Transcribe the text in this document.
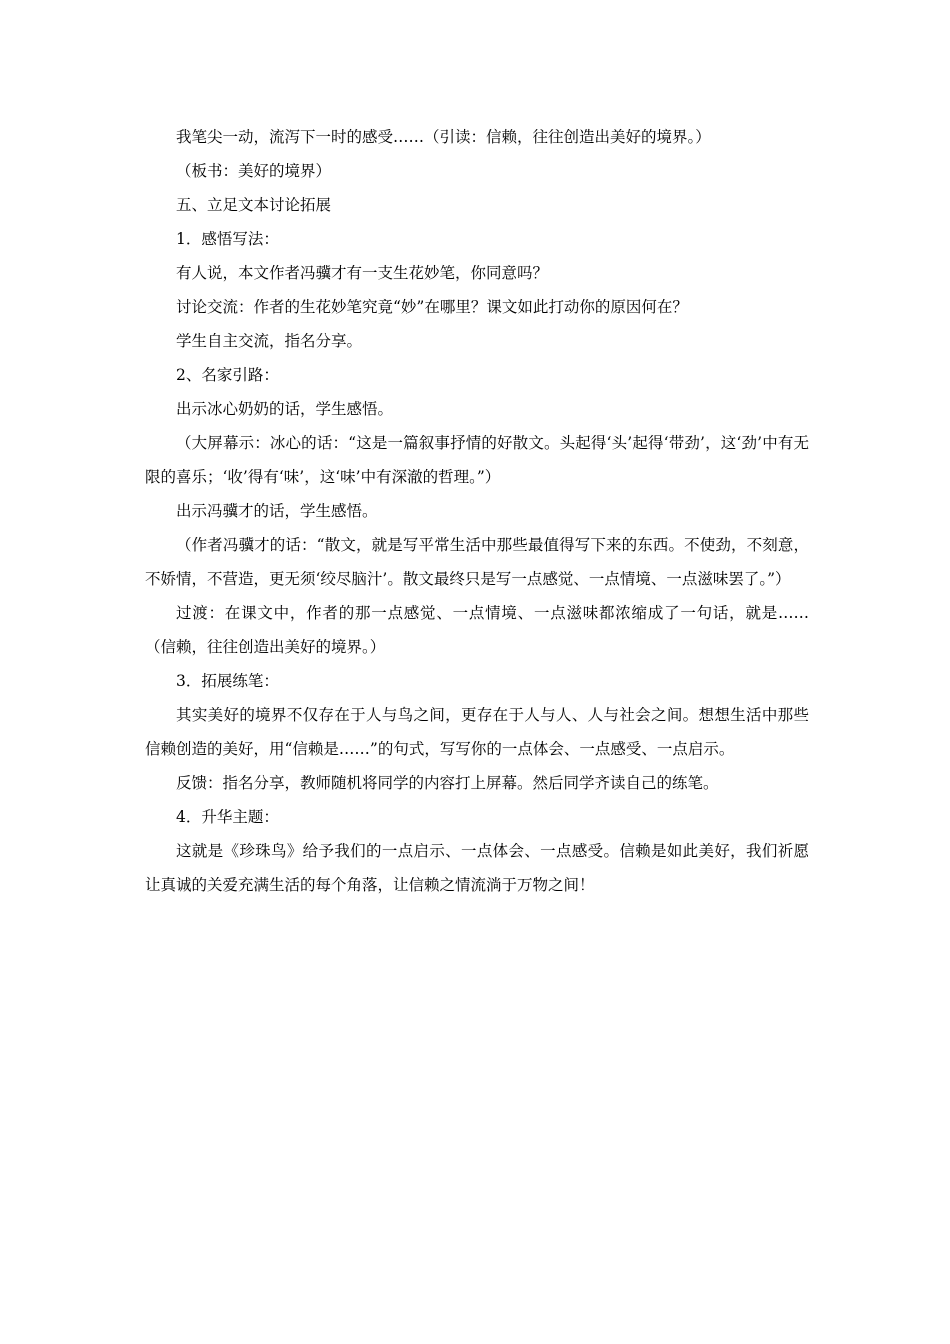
我笔尖一动，流泻下一时的感受……（引读：信赖，往往创造出美好的境界。）

（板书：美好的境界）

五、立足文本讨论拓展

1．感悟写法：

有人说，本文作者冯骥才有一支生花妙笔，你同意吗？

讨论交流：作者的生花妙笔究竟“妙”在哪里？课文如此打动你的原因何在？

学生自主交流，指名分享。

2、名家引路：

出示冰心奶奶的话，学生感悟。

（大屏幕示：冰心的话：“这是一篇叙事抒情的好散文。头起得‘头’起得‘带劲’，这‘劲’中有无限的喜乐；‘收’得有‘味’，这‘味’中有深澈的哲理。”）

出示冯骥才的话，学生感悟。

（作者冯骥才的话：“散文，就是写平常生活中那些最值得写下来的东西。不使劲，不刻意，不娇情，不营造，更无须‘绞尽脑汁’。散文最终只是写一点感觉、一点情境、一点滋味罢了。”）

过渡：在课文中，作者的那一点感觉、一点情境、一点滋味都浓缩成了一句话，就是……（信赖，往往创造出美好的境界。）

3．拓展练笔：

其实美好的境界不仅存在于人与鸟之间，更存在于人与人、人与社会之间。想想生活中那些信赖创造的美好，用“信赖是……”的句式，写写你的一点体会、一点感受、一点启示。

反馈：指名分享，教师随机将同学的内容打上屏幕。然后同学齐读自己的练笔。

4．升华主题：

这就是《珍珠鸟》给予我们的一点启示、一点体会、一点感受。信赖是如此美好，我们祈愿让真诚的关爱充满生活的每个角落，让信赖之情流淌于万物之间！
